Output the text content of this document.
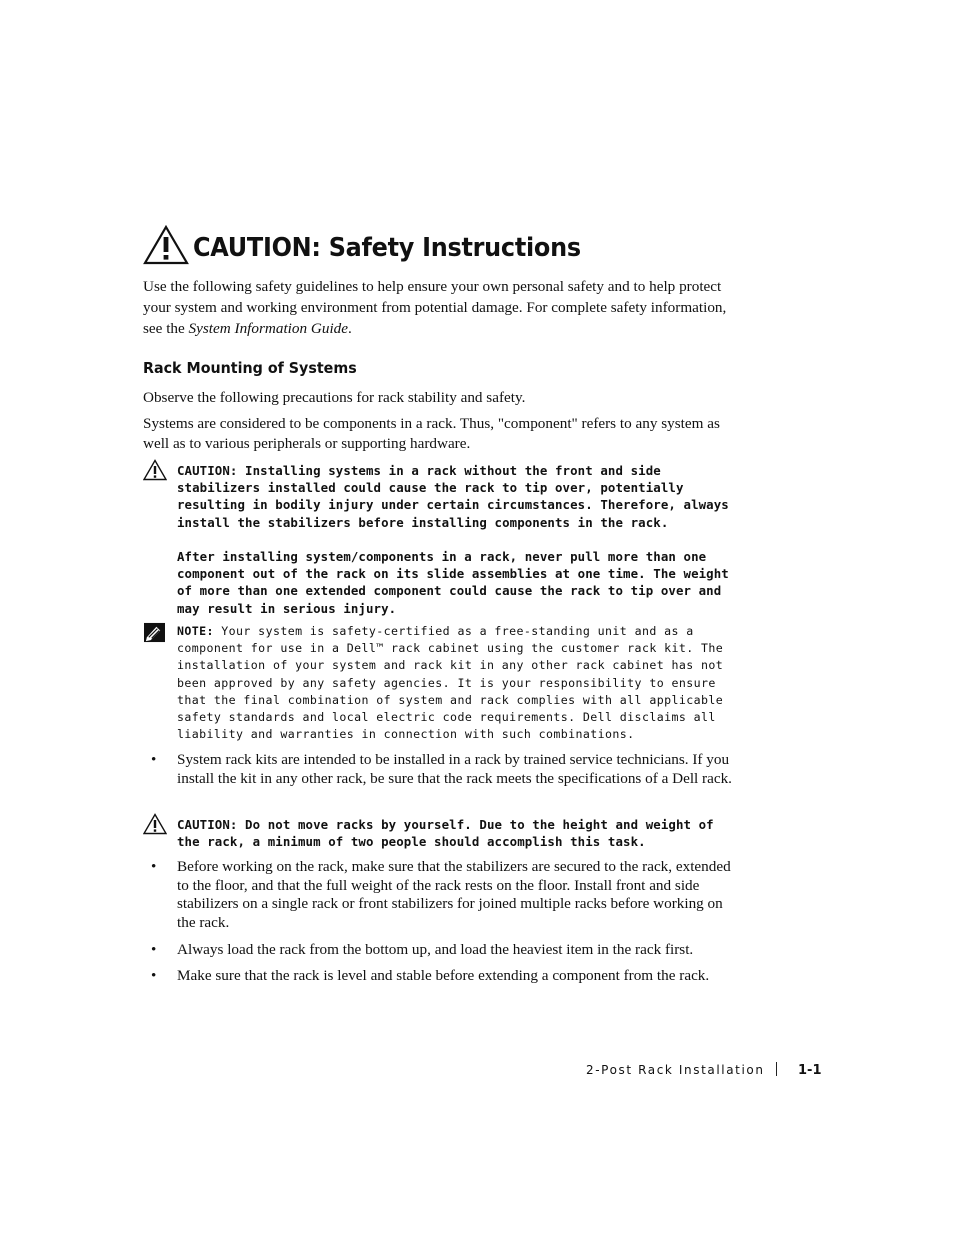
CAUTION: Safety Instructions
Use the following safety guidelines to help ensure your own personal safety and to help protect your system and working environment from potential damage. For complete safety information, see the System Information Guide.
Rack Mounting of Systems
Observe the following precautions for rack stability and safety.
Systems are considered to be components in a rack. Thus, "component" refers to any system as well as to various peripherals or supporting hardware.

CAUTION: Installing systems in a rack without the front and side stabilizers installed could cause the rack to tip over, potentially resulting in bodily injury under certain circumstances. Therefore, always install the stabilizers before installing components in the rack.

After installing system/components in a rack, never pull more than one component out of the rack on its slide assemblies at one time. The weight of more than one extended component could cause the rack to tip over and may result in serious injury.

NOTE: Your system is safety-certified as a free-standing unit and as a component for use in a Dell™ rack cabinet using the customer rack kit. The installation of your system and rack kit in any other rack cabinet has not been approved by any safety agencies. It is your responsibility to ensure that the final combination of system and rack complies with all applicable safety standards and local electric code requirements. Dell disclaims all liability and warranties in connection with such combinations.
• System rack kits are intended to be installed in a rack by trained service technicians. If you install the kit in any other rack, be sure that the rack meets the specifications of a Dell rack.

CAUTION: Do not move racks by yourself. Due to the height and weight of the rack, a minimum of two people should accomplish this task.

• Before working on the rack, make sure that the stabilizers are secured to the rack, extended to the floor, and that the full weight of the rack rests on the floor. Install front and side stabilizers on a single rack or front stabilizers for joined multiple racks before working on the rack.
• Always load the rack from the bottom up, and load the heaviest item in the rack first.
• Make sure that the rack is level and stable before extending a component from the rack.
2-Post Rack Installation	1-1
